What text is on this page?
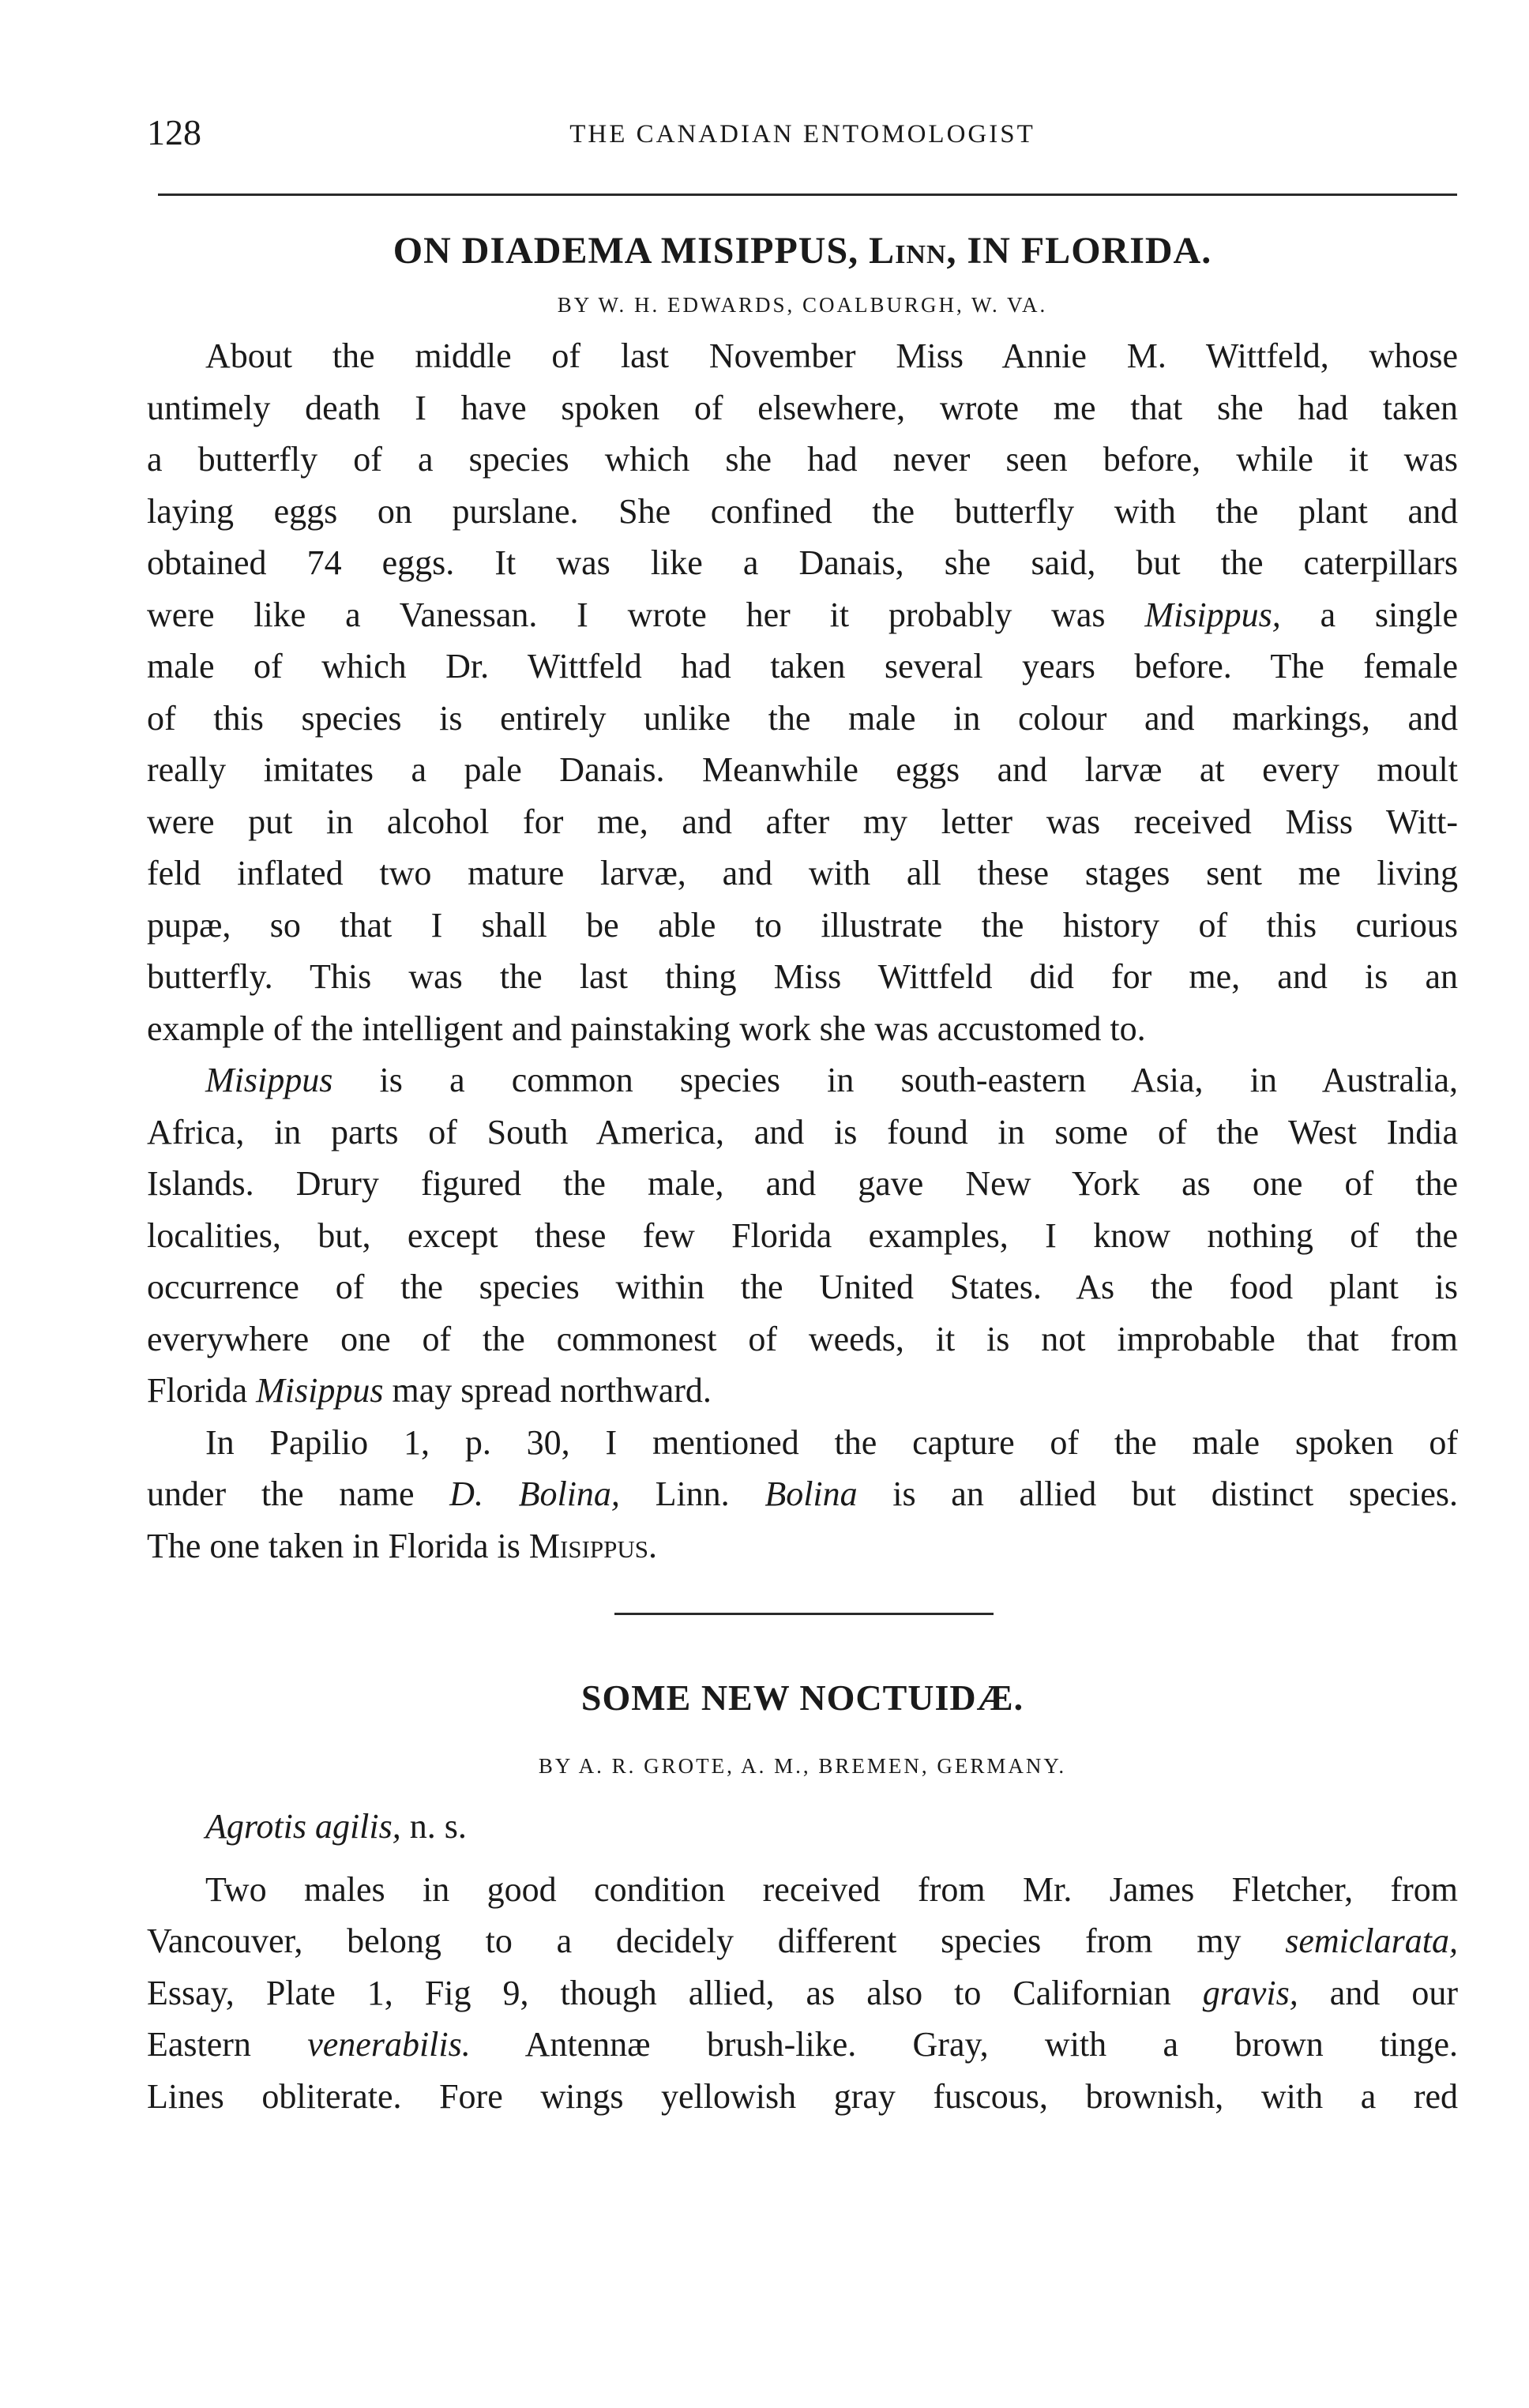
128	THE CANADIAN ENTOMOLOGIST
ON DIADEMA MISIPPUS, Linn, IN FLORIDA.
BY W. H. EDWARDS, COALBURGH, W. VA.
About the middle of last November Miss Annie M. Wittfeld, whose
untimely death I have spoken of elsewhere, wrote me that she had taken
a butterfly of a species which she had never seen before, while it was
laying eggs on purslane. She confined the butterfly with the plant and
obtained 74 eggs. It was like a Danais, she said, but the caterpillars
were like a Vanessan. I wrote her it probably was Misippus, a single
male of which Dr. Wittfeld had taken several years before. The female
of this species is entirely unlike the male in colour and markings, and
really imitates a pale Danais. Meanwhile eggs and larvæ at every moult
were put in alcohol for me, and after my letter was received Miss Witt-
feld inflated two mature larvæ, and with all these stages sent me living
pupæ, so that I shall be able to illustrate the history of this curious
butterfly. This was the last thing Miss Wittfeld did for me, and is an
example of the intelligent and painstaking work she was accustomed to.
Misippus is a common species in south-eastern Asia, in Australia,
Africa, in parts of South America, and is found in some of the West India
Islands. Drury figured the male, and gave New York as one of the
localities, but, except these few Florida examples, I know nothing of the
occurrence of the species within the United States. As the food plant is
everywhere one of the commonest of weeds, it is not improbable that from
Florida Misippus may spread northward.
In Papilio 1, p. 30, I mentioned the capture of the male spoken of
under the name D. Bolina, Linn. Bolina is an allied but distinct species.
The one taken in Florida is Misippus.
SOME NEW NOCTUIDÆ.
BY A. R. GROTE, A. M., BREMEN, GERMANY.
Agrotis agilis, n. s.
Two males in good condition received from Mr. James Fletcher, from
Vancouver, belong to a decidely different species from my semiclarata,
Essay, Plate 1, Fig 9, though allied, as also to Californian gravis, and our
Eastern venerabilis. Antennæ brush-like. Gray, with a brown tinge.
Lines obliterate. Fore wings yellowish gray fuscous, brownish, with a red
